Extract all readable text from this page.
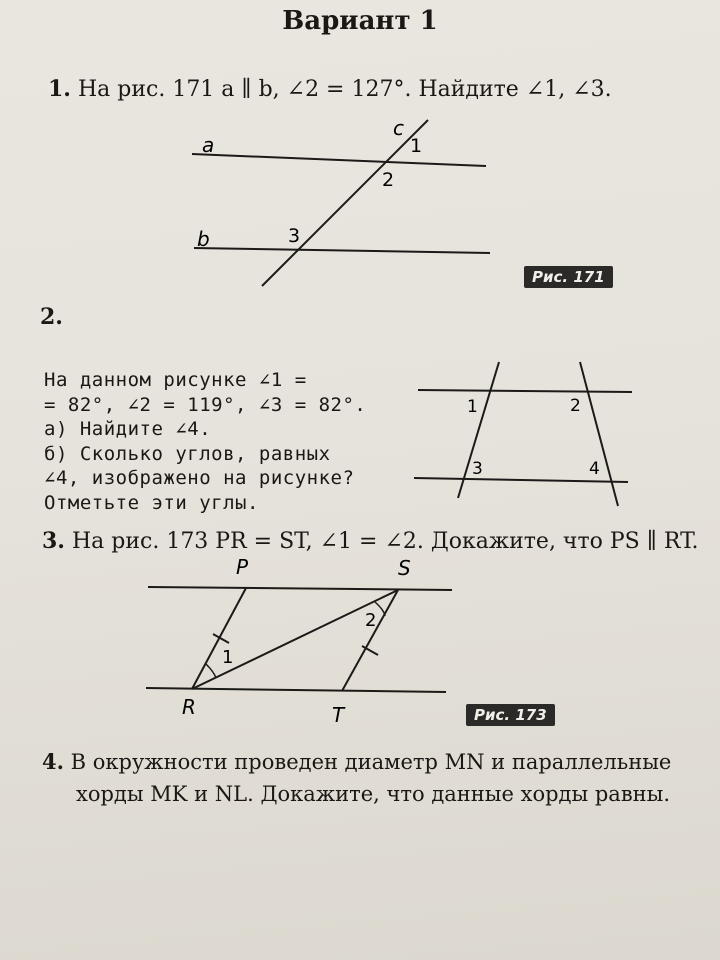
Вариант 1
1. На рис. 171 a ∥ b, ∠2 = 127°. Найдите ∠1, ∠3.
a
b
c
1
2
3
Рис. 171
2.
На данном рисунке ∠1 =
= 82°, ∠2 = 119°, ∠3 = 82°.
а) Найдите ∠4.
б) Сколько углов, равных
∠4, изображено на рисунке?
Отметьте эти углы.
1	2
3	4
3. На рис. 173 PR = ST, ∠1 = ∠2. Докажите, что PS ∥ RT.
P	S
R	T
1
2
Рис. 173
4. В окружности проведен диаметр MN и параллельные
хорды MK и NL. Докажите, что данные хорды равны.
